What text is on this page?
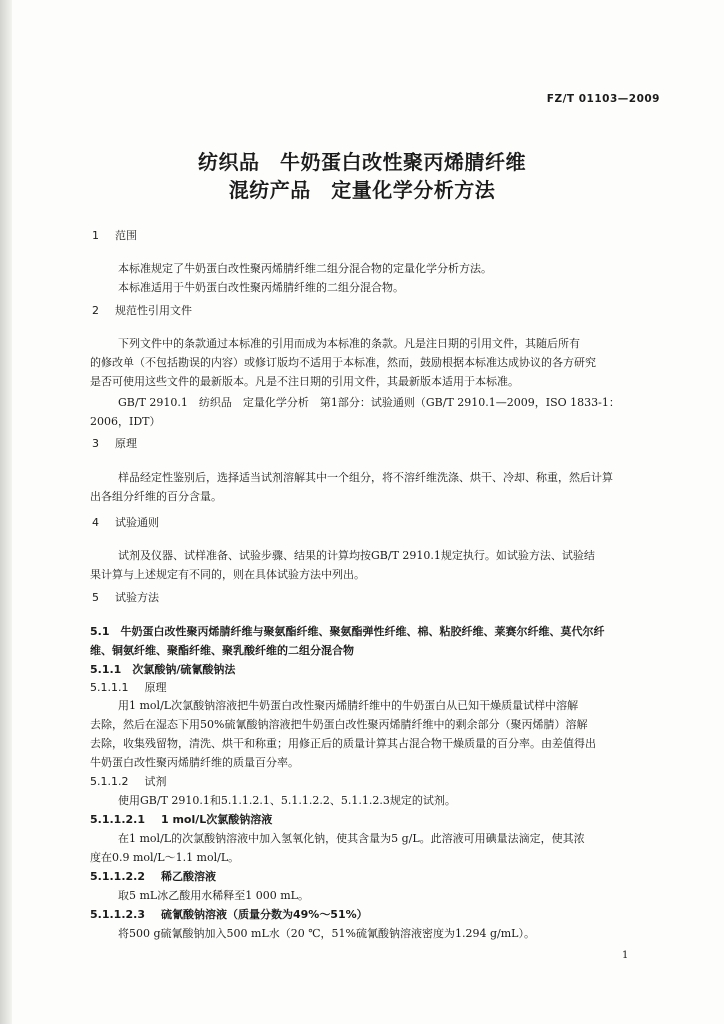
FZ/T 01103—2009
纺织品　牛奶蛋白改性聚丙烯腈纤维
混纺产品　定量化学分析方法
1 范围
本标准规定了牛奶蛋白改性聚丙烯腈纤维二组分混合物的定量化学分析方法。
本标准适用于牛奶蛋白改性聚丙烯腈纤维的二组分混合物。
2 规范性引用文件
下列文件中的条款通过本标准的引用而成为本标准的条款。凡是注日期的引用文件，其随后所有
的修改单（不包括勘误的内容）或修订版均不适用于本标准，然而，鼓励根据本标准达成协议的各方研究
是否可使用这些文件的最新版本。凡是不注日期的引用文件，其最新版本适用于本标准。
GB/T 2910.1　纺织品　定量化学分析　第1部分：试验通则（GB/T 2910.1—2009，ISO 1833-1：
2006，IDT）
3 原理
样品经定性鉴别后，选择适当试剂溶解其中一个组分，将不溶纤维洗涤、烘干、冷却、称重，然后计算
出各组分纤维的百分含量。
4 试验通则
试剂及仪器、试样准备、试验步骤、结果的计算均按GB/T 2910.1规定执行。如试验方法、试验结
果计算与上述规定有不同的，则在具体试验方法中列出。
5 试验方法
5.1　牛奶蛋白改性聚丙烯腈纤维与聚氨酯纤维、聚氨酯弹性纤维、棉、粘胶纤维、莱赛尔纤维、莫代尔纤
维、铜氨纤维、聚酯纤维、聚乳酸纤维的二组分混合物
5.1.1　次氯酸钠/硫氰酸钠法
5.1.1.1 原理
用1 mol/L次氯酸钠溶液把牛奶蛋白改性聚丙烯腈纤维中的牛奶蛋白从已知干燥质量试样中溶解
去除，然后在湿态下用50%硫氰酸钠溶液把牛奶蛋白改性聚丙烯腈纤维中的剩余部分（聚丙烯腈）溶解
去除，收集残留物，清洗、烘干和称重；用修正后的质量计算其占混合物干燥质量的百分率。由差值得出
牛奶蛋白改性聚丙烯腈纤维的质量百分率。
5.1.1.2 试剂
使用GB/T 2910.1和5.1.1.2.1、5.1.1.2.2、5.1.1.2.3规定的试剂。
5.1.1.2.1 1 mol/L次氯酸钠溶液
在1 mol/L的次氯酸钠溶液中加入氢氧化钠，使其含量为5 g/L。此溶液可用碘量法滴定，使其浓
度在0.9 mol/L～1.1 mol/L。
5.1.1.2.2 稀乙酸溶液
取5 mL冰乙酸用水稀释至1 000 mL。
5.1.1.2.3 硫氰酸钠溶液（质量分数为49%～51%）
将500 g硫氰酸钠加入500 mL水（20 ℃，51%硫氰酸钠溶液密度为1.294 g/mL）。
1
